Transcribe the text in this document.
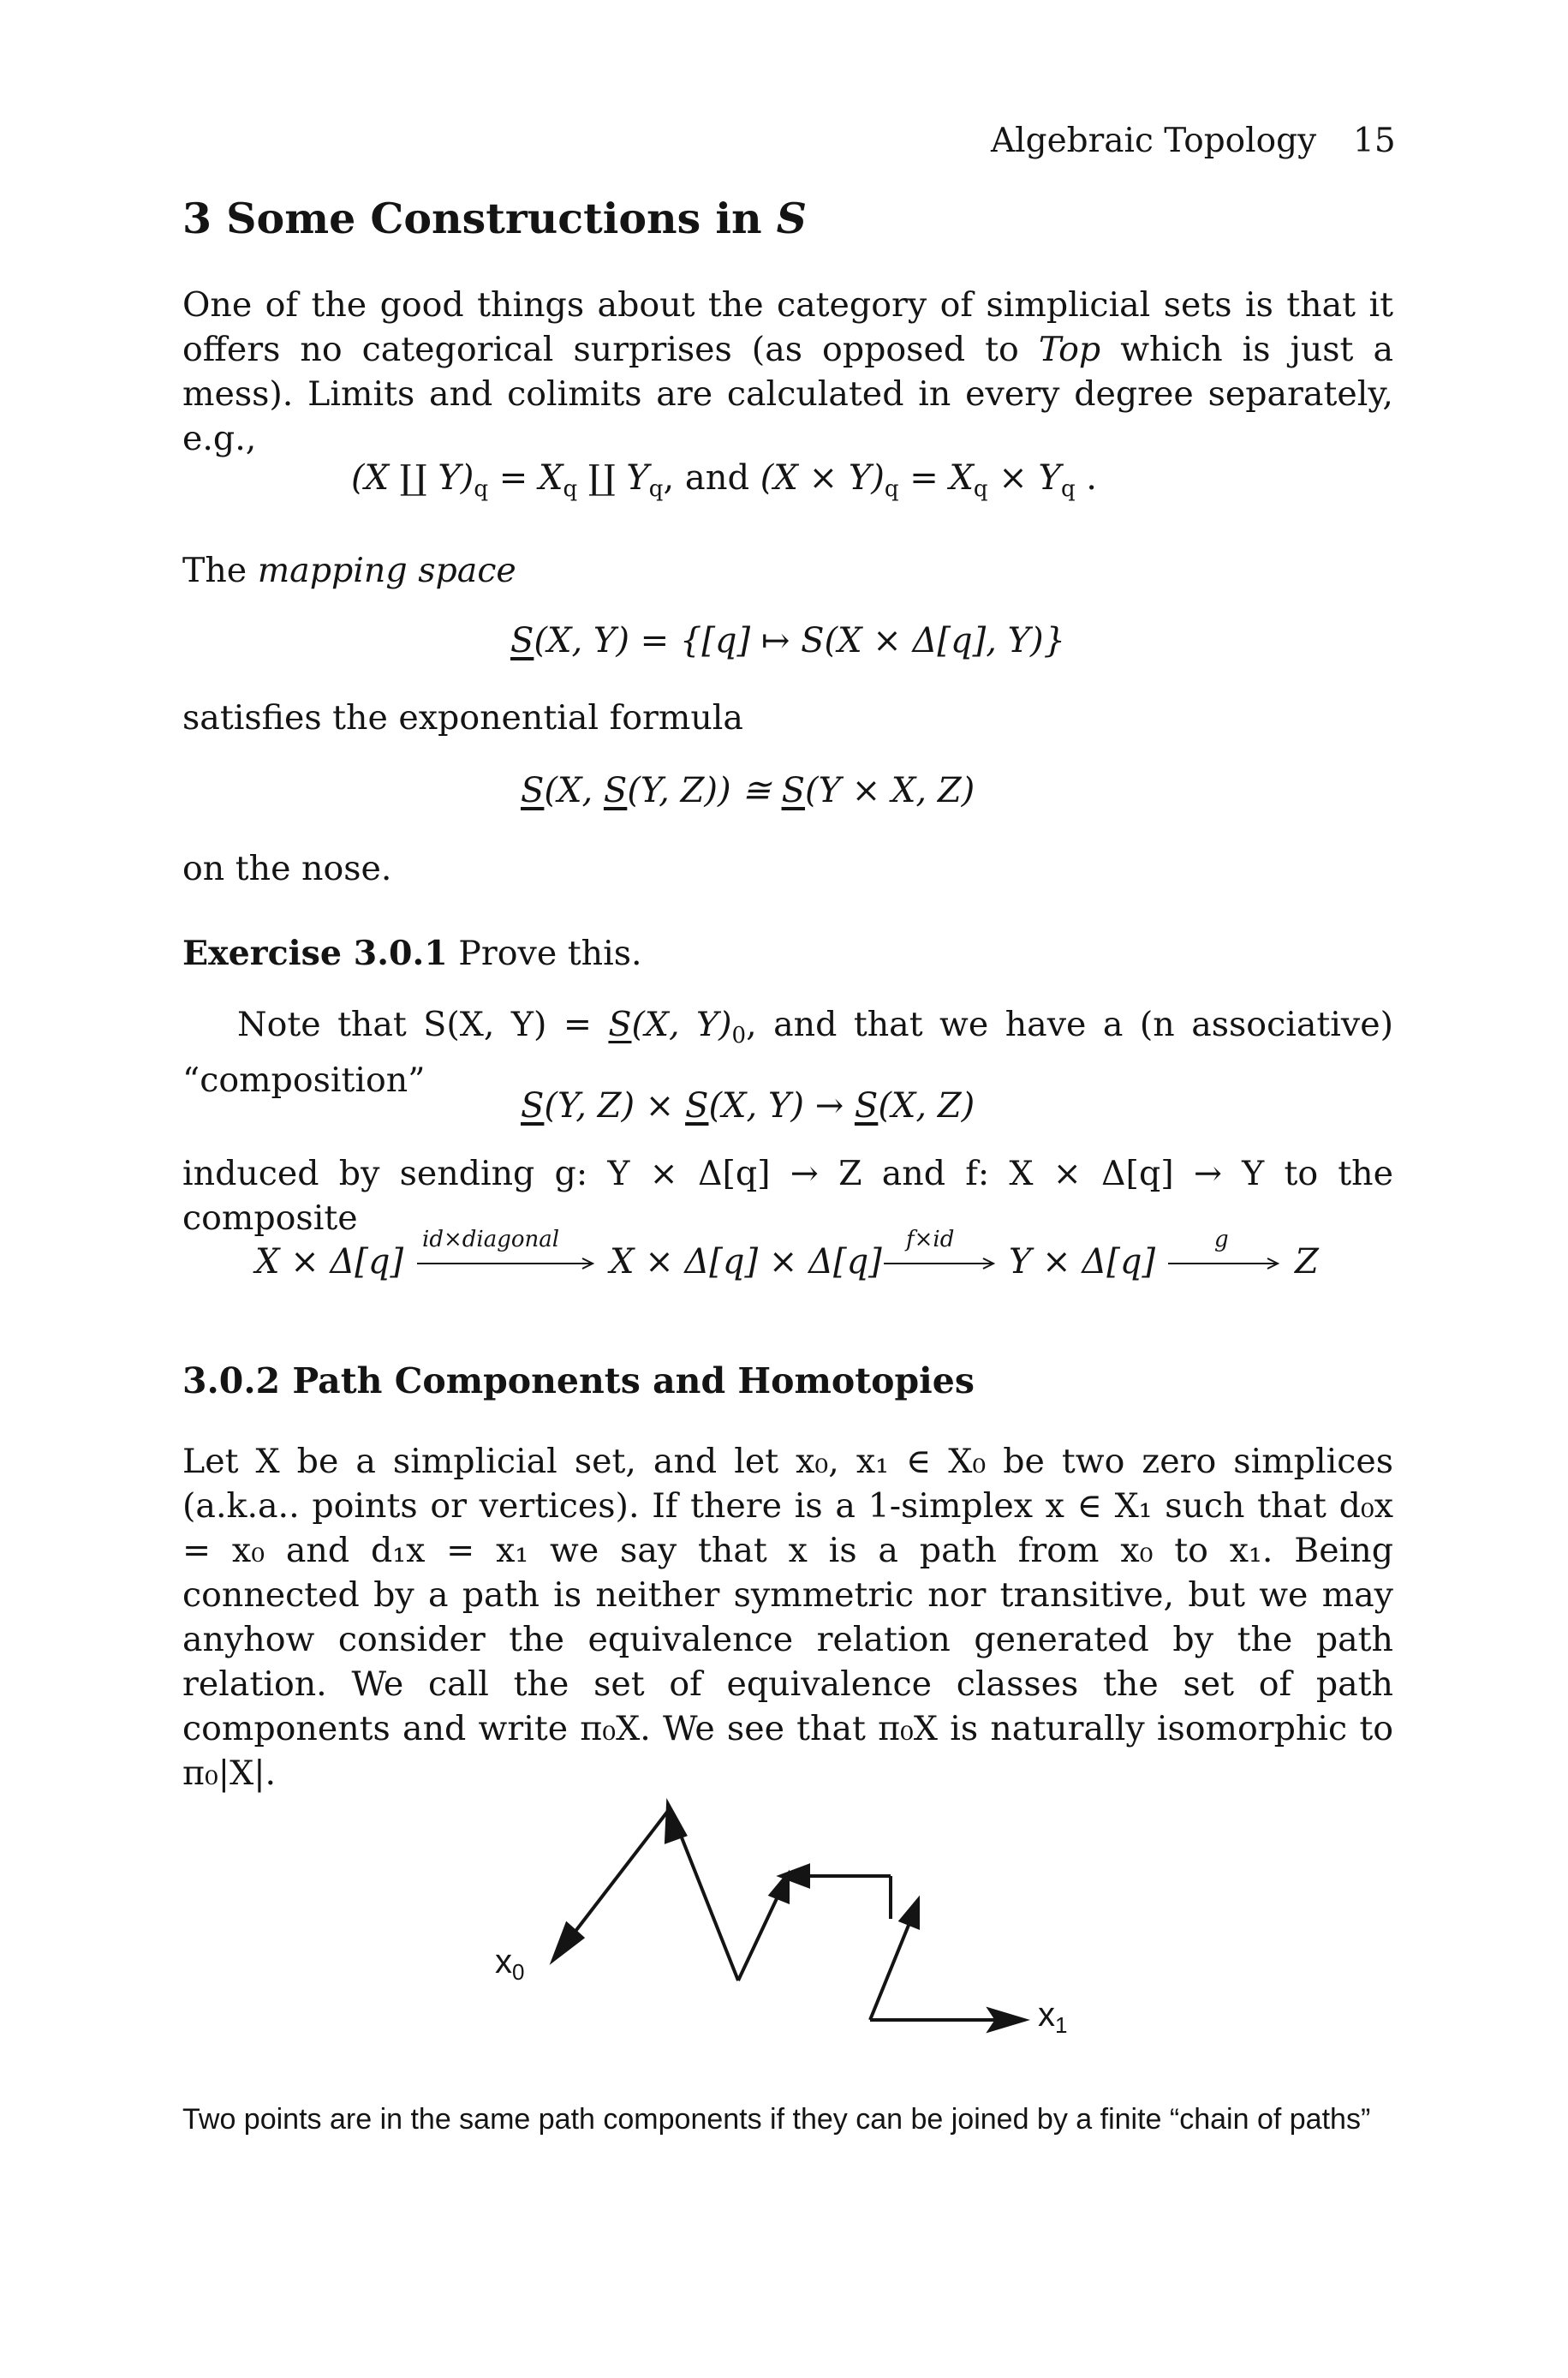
Algebraic Topology 15
3 Some Constructions in S

One of the good things about the category of simplicial sets is that it offers no categorical surprises (as opposed to Top which is just a mess). Limits and colimits are calculated in every degree separately, e.g.,

(X ∐ $Y)_q = X_q$ ∐ $Y_q$, and $(X \times Y)_q = X_q \times Y_q$ .
The mapping space
S(X, Y) = {[q] ↦ S(X × Δ[q], Y)}
satisfies the exponential formula
S(X, S(Y, Z)) ≅ S(Y × X, Z)
on the nose.
Exercise 3.0.1 Prove this.

Note that S(X, Y) = S(X, $Y)_0$, and that we have a (n associative) “composition”

S(Y, Z) × S(X, Y) → S(X, Z)
induced by sending g: Y × Δ[q] → Z and f: X × Δ[q] → Y to the composite
X × Δ[q]
id×diagonal
X × Δ[q] × Δ[q]
f×id
Y × Δ[q]
g
Z
3.0.2 Path Components and Homotopies

Let X be a simplicial set, and let x₀, x₁ ∈ X₀ be two zero simplices (a.k.a.. points or vertices). If there is a 1-simplex x ∈ X₁ such that d₀x = x₀ and d₁x = x₁ we say that x is a path from x₀ to x₁. Being connected by a path is neither symmetric nor transitive, but we may anyhow consider the equivalence relation generated by the path relation. We call the set of equivalence classes the set of path components and write π₀X. We see that π₀X is naturally isomorphic to π₀|X|.

$x_0$
$x_1$
Two points are in the same path components if they can be joined by a finite “chain of paths”
